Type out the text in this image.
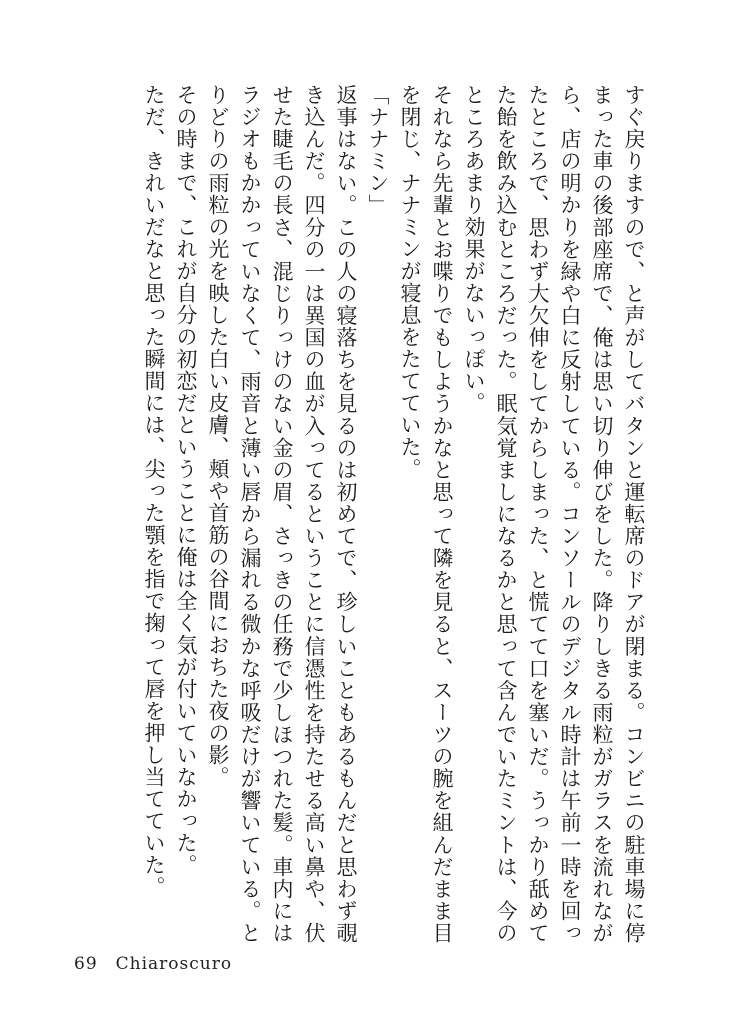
すぐ戻りますので、と声がしてバタンと運転席のドアが閉まる。コンビニの駐車場に停まった車の後部座席で、俺は思い切り伸びをした。降りしきる雨粒がガラスを流れながら、店の明かりを緑や白に反射している。コンソールのデジタル時計は午前一時を回ったところで、思わず大欠伸をしてからしまった、と慌てて口を塞いだ。うっかり舐めてた飴を飲み込むところだった。眠気覚ましになるかと思って含んでいたミントは、今のところあまり効果がないっぽい。

それなら先輩とお喋りでもしようかなと思って隣を見ると、スーツの腕を組んだまま目を閉じ、ナナミンが寝息をたてていた。

「ナナミン」

返事はない。この人の寝落ちを見るのは初めてで、珍しいこともあるもんだと思わず覗き込んだ。四分の一は異国の血が入ってるということに信憑性を持たせる高い鼻や、伏せた睫毛の長さ、混じりっけのない金の眉、さっきの任務で少しほつれた髪。車内にはラジオもかかっていなくて、雨音と薄い唇から漏れる微かな呼吸だけが響いている。とりどりの雨粒の光を映した白い皮膚、頬や首筋の谷間におちた夜の影。

その時まで、これが自分の初恋だということに俺は全く気が付いていなかった。

ただ、きれいだなと思った瞬間には、尖った顎を指で掬って唇を押し当てていた。

69 Chiaroscuro
